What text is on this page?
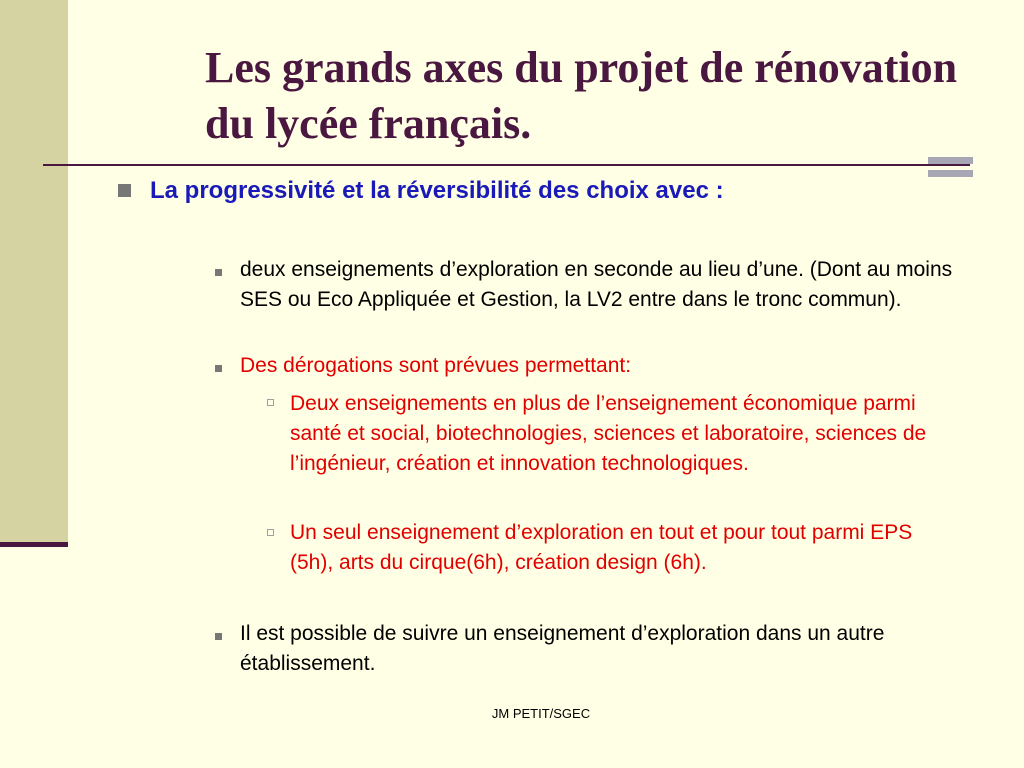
Les grands axes du projet de rénovation du lycée français.
La progressivité et la réversibilité des choix avec :
deux enseignements d’exploration en seconde au lieu d’une. (Dont au moins SES ou Eco Appliquée et Gestion, la LV2 entre dans le tronc commun).
Des dérogations sont prévues permettant:
Deux enseignements en plus de l’enseignement économique parmi santé et social, biotechnologies, sciences et laboratoire, sciences de l’ingénieur, création et innovation technologiques.
Un seul enseignement d’exploration en tout et pour tout parmi EPS (5h), arts du cirque(6h), création design (6h).
Il est possible de suivre un enseignement d’exploration dans un autre établissement.
JM PETIT/SGEC
